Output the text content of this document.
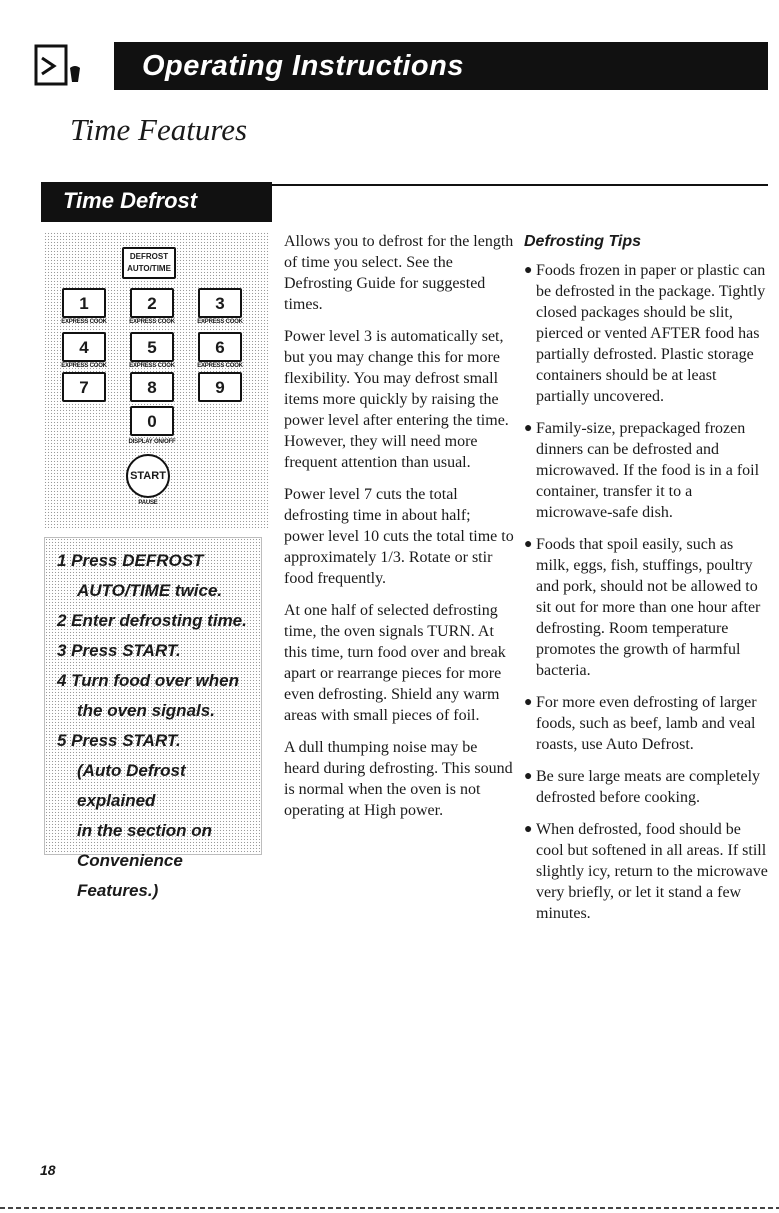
Operating Instructions
Time Features
Time Defrost
DEFROST
AUTO/TIME
1	2	3
EXPRESS COOK	EXPRESS COOK	EXPRESS COOK
4	5	6
EXPRESS COOK	EXPRESS COOK	EXPRESS COOK
7	8	9
0
DISPLAY ON/OFF
START
PAUSE
1 Press DEFROST
AUTO/TIME twice.
2 Enter defrosting time.
3 Press START.
4 Turn food over when
the oven signals.
5 Press START.
(Auto Defrost explained
in the section on
Convenience Features.)

Allows you to defrost for the length of time you select. See the Defrosting Guide for suggested times.

Power level 3 is automatically set, but you may change this for more flexibility. You may defrost small items more quickly by raising the power level after entering the time. However, they will need more frequent attention than usual.

Power level 7 cuts the total defrosting time in about half; power level 10 cuts the total time to approximately 1/3. Rotate or stir food frequently.

At one half of selected defrosting time, the oven signals TURN. At this time, turn food over and break apart or rearrange pieces for more even defrosting. Shield any warm areas with small pieces of foil.

A dull thumping noise may be heard during defrosting. This sound is normal when the oven is not operating at High power.

Defrosting Tips
● Foods frozen in paper or plastic can be defrosted in the package. Tightly closed packages should be slit, pierced or vented AFTER food has partially defrosted. Plastic storage containers should be at least partially uncovered.
● Family-size, prepackaged frozen dinners can be defrosted and microwaved. If the food is in a foil container, transfer it to a microwave-safe dish.
● Foods that spoil easily, such as milk, eggs, fish, stuffings, poultry and pork, should not be allowed to sit out for more than one hour after defrosting. Room temperature promotes the growth of harmful bacteria.
● For more even defrosting of larger foods, such as beef, lamb and veal roasts, use Auto Defrost.
● Be sure large meats are completely defrosted before cooking.
● When defrosted, food should be cool but softened in all areas. If still slightly icy, return to the microwave very briefly, or let it stand a few minutes.
18
